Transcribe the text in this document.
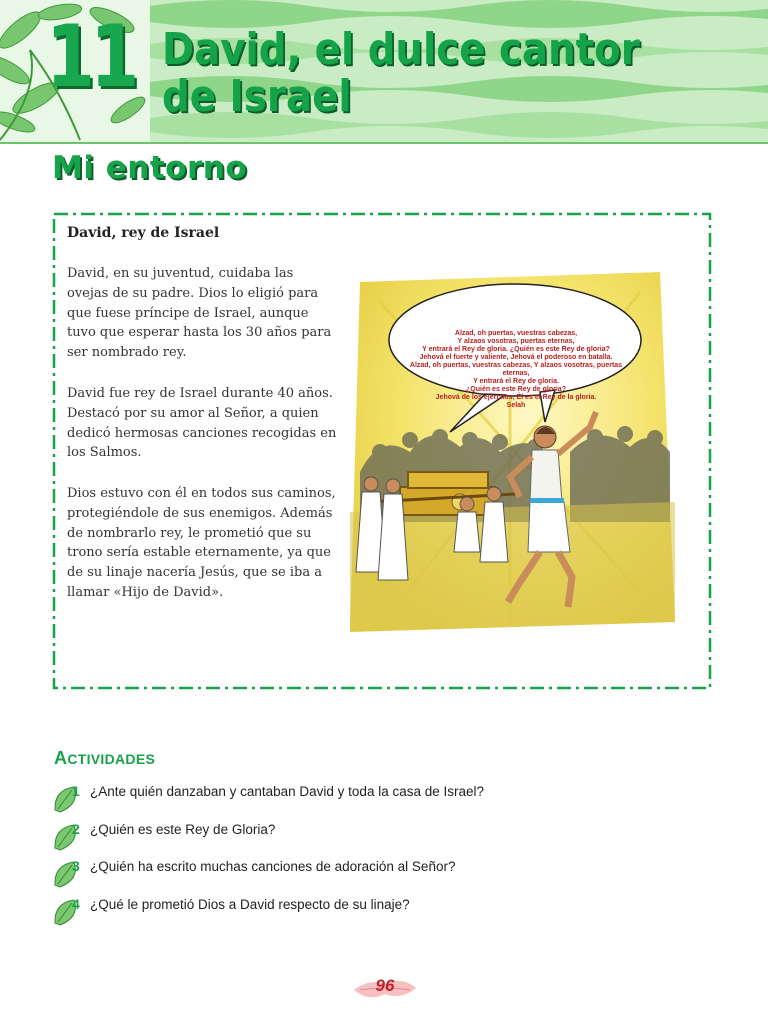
11 David, el dulce cantor
de Israel
Mi entorno
David, rey de Israel
David, en su juventud, cuidaba las ovejas de su padre. Dios lo eligió para que fuese príncipe de Israel, aunque tuvo que esperar hasta los 30 años para ser nombrado rey.
David fue rey de Israel durante 40 años. Destacó por su amor al Señor, a quien dedicó hermosas canciones recogidas en los Salmos.
Dios estuvo con él en todos sus caminos, protegiéndole de sus enemigos. Además de nombrarlo rey, le prometió que su trono sería estable eternamente, ya que de su linaje nacería Jesús, que se iba a llamar «Hijo de David».
Alzad, oh puertas, vuestras cabezas,
Y alzaos vosotras, puertas eternas,
Y entrará el Rey de gloria. ¿Quién es este Rey de gloria?
Jehová el fuerte y valiente, Jehová el poderoso en batalla.
Alzad, oh puertas, vuestras cabezas, Y alzaos vosotras, puertas eternas,
Y entrará el Rey de gloria.
¿Quién es este Rey de gloria?
Jehová de los ejércitos, Él es el Rey de la gloria.
Selah
ACTIVIDADES
1 ¿Ante quién danzaban y cantaban David y toda la casa de Israel?
2 ¿Quién es este Rey de Gloria?
3 ¿Quién ha escrito muchas canciones de adoración al Señor?
4 ¿Qué le prometió Dios a David respecto de su linaje?
96
